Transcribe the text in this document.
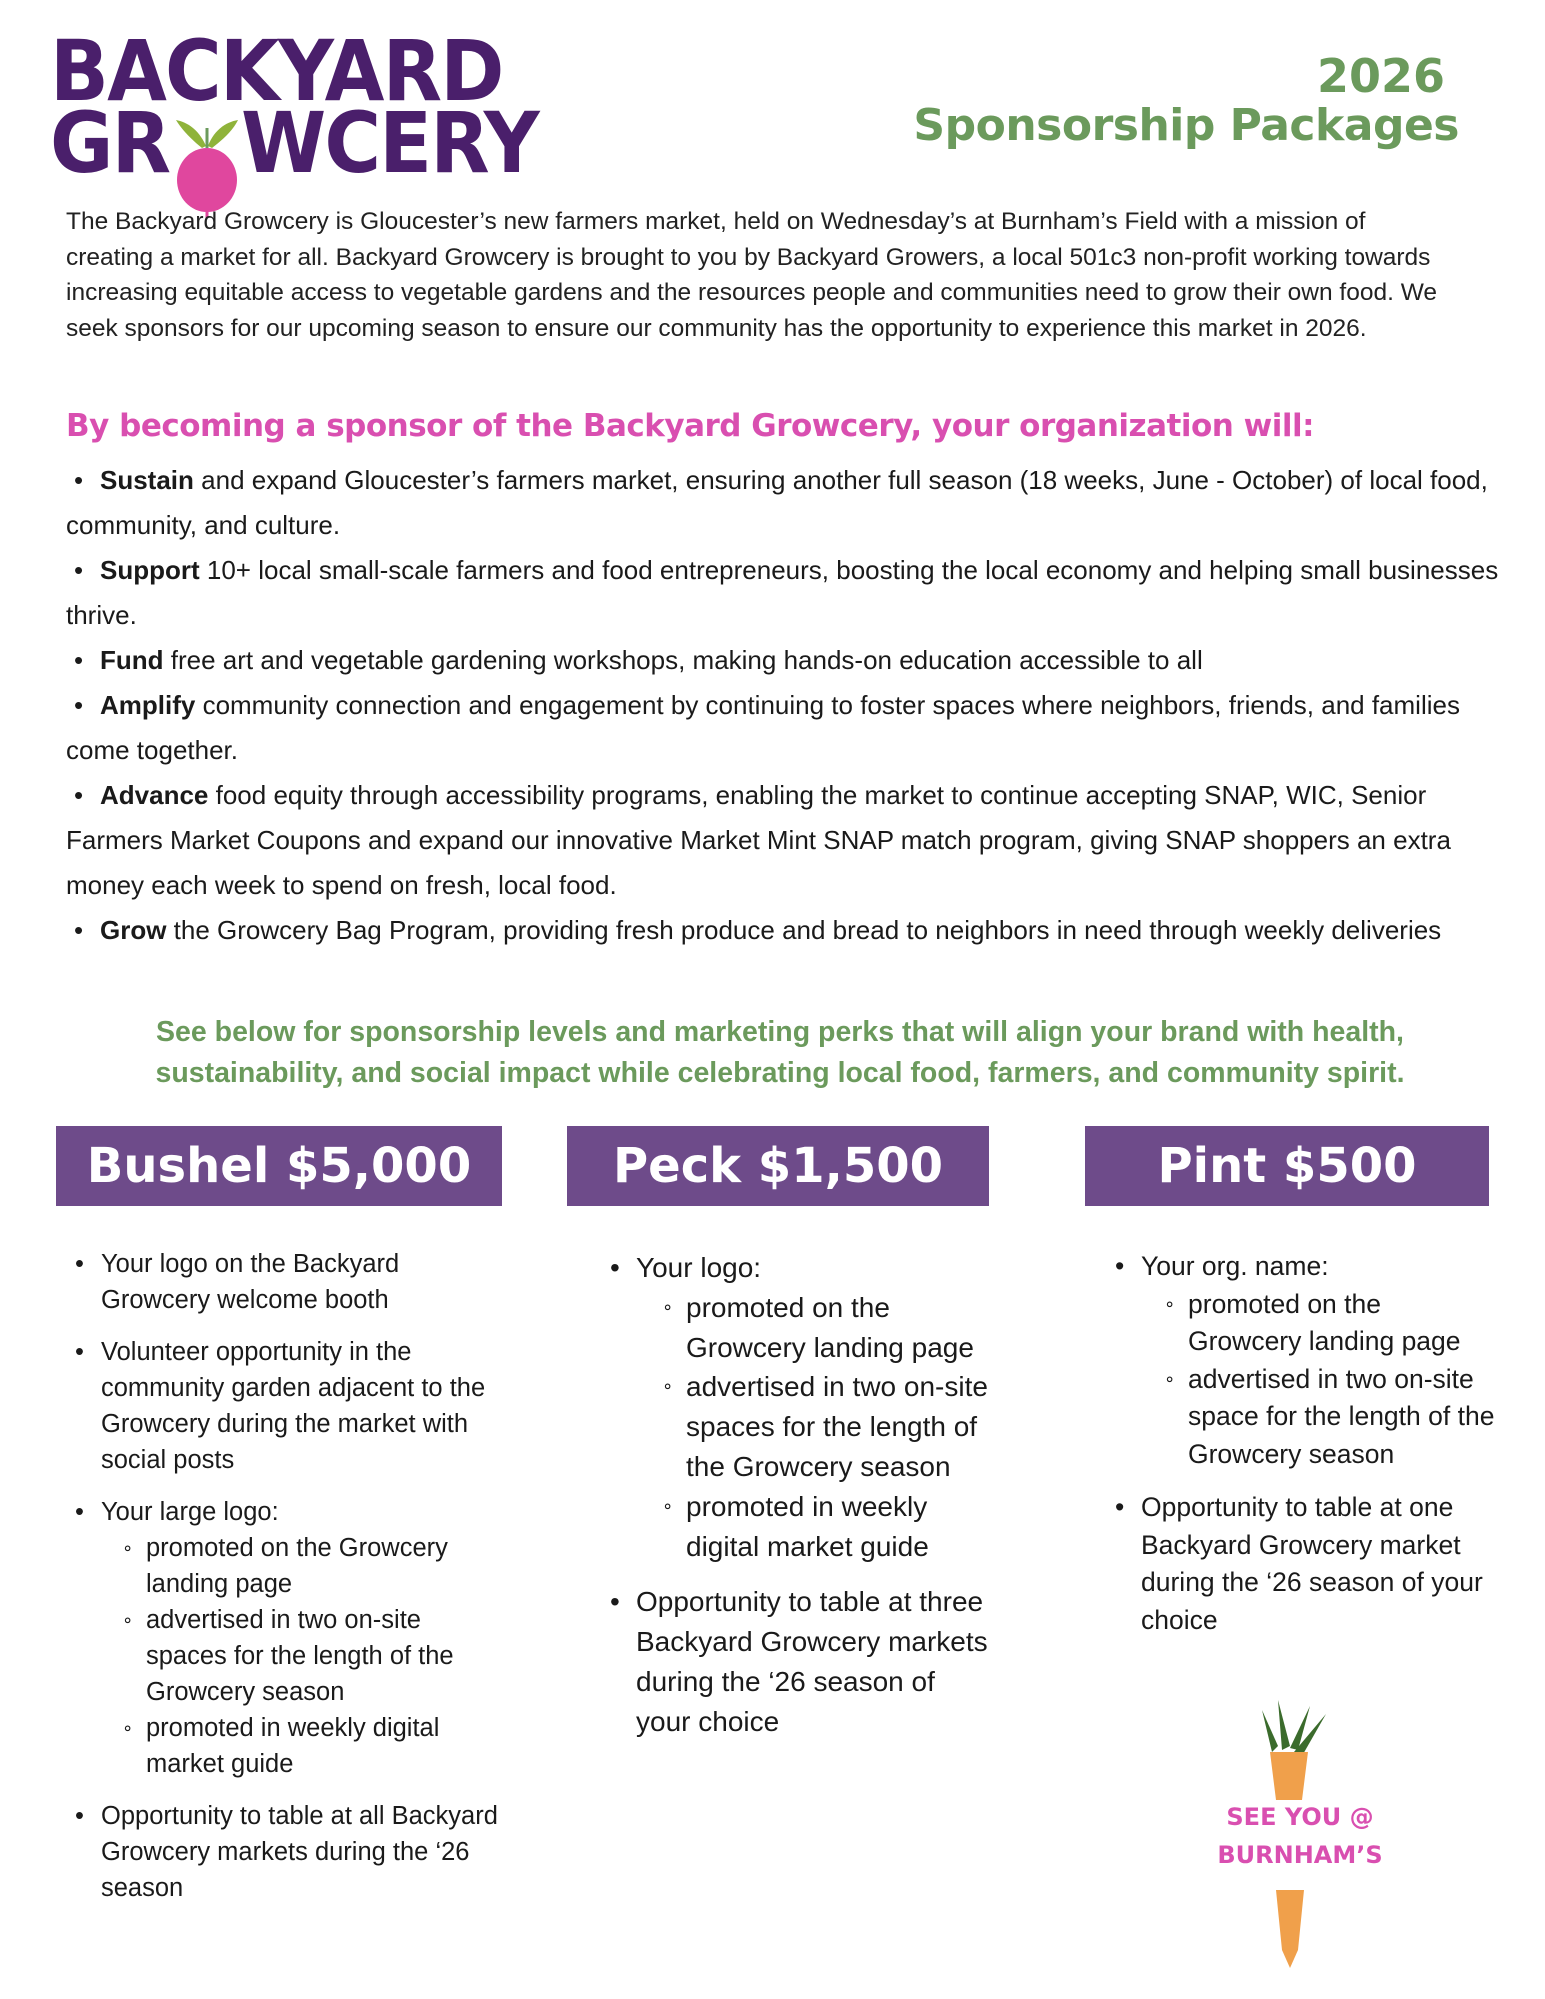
BACKYARD
GR WCERY
2026
Sponsorship Packages

The Backyard Growcery is Gloucester’s new farmers market, held on Wednesday’s at Burnham’s Field with a mission of creating a market for all. Backyard Growcery is brought to you by Backyard Growers, a local 501c3 non-profit working towards increasing equitable access to vegetable gardens and the resources people and communities need to grow their own food. We seek sponsors for our upcoming season to ensure our community has the opportunity to experience this market in 2026.

By becoming a sponsor of the Backyard Growcery, your organization will:
• Sustain and expand Gloucester’s farmers market, ensuring another full season (18 weeks, June - October) of local food, community, and culture.
• Support 10+ local small-scale farmers and food entrepreneurs, boosting the local economy and helping small businesses thrive.
• Fund free art and vegetable gardening workshops, making hands-on education accessible to all
• Amplify community connection and engagement by continuing to foster spaces where neighbors, friends, and families come together.
• Advance food equity through accessibility programs, enabling the market to continue accepting SNAP, WIC, Senior Farmers Market Coupons and expand our innovative Market Mint SNAP match program, giving SNAP shoppers an extra money each week to spend on fresh, local food.
• Grow the Growcery Bag Program, providing fresh produce and bread to neighbors in need through weekly deliveries
See below for sponsorship levels and marketing perks that will align your brand with health, sustainability, and social impact while celebrating local food, farmers, and community spirit.
Bushel $5,000	Peck $1,500	Pint $500
• Your logo on the Backyard Growcery welcome booth
• Volunteer opportunity in the community garden adjacent to the Growcery during the market with social posts
• Your large logo:
∘ promoted on the Growcery landing page
∘ advertised in two on-site spaces for the length of the Growcery season
∘ promoted in weekly digital market guide
• Opportunity to table at all Backyard Growcery markets during the ‘26 season
• Your logo:
∘ promoted on the Growcery landing page
∘ advertised in two on-site spaces for the length of the Growcery season
∘ promoted in weekly digital market guide
• Opportunity to table at three Backyard Growcery markets during the ‘26 season of your choice
• Your org. name:
∘ promoted on the Growcery landing page
∘ advertised in two on-site space for the length of the Growcery season
• Opportunity to table at one Backyard Growcery market during the ‘26 season of your choice
SEE YOU @
BURNHAM’S
